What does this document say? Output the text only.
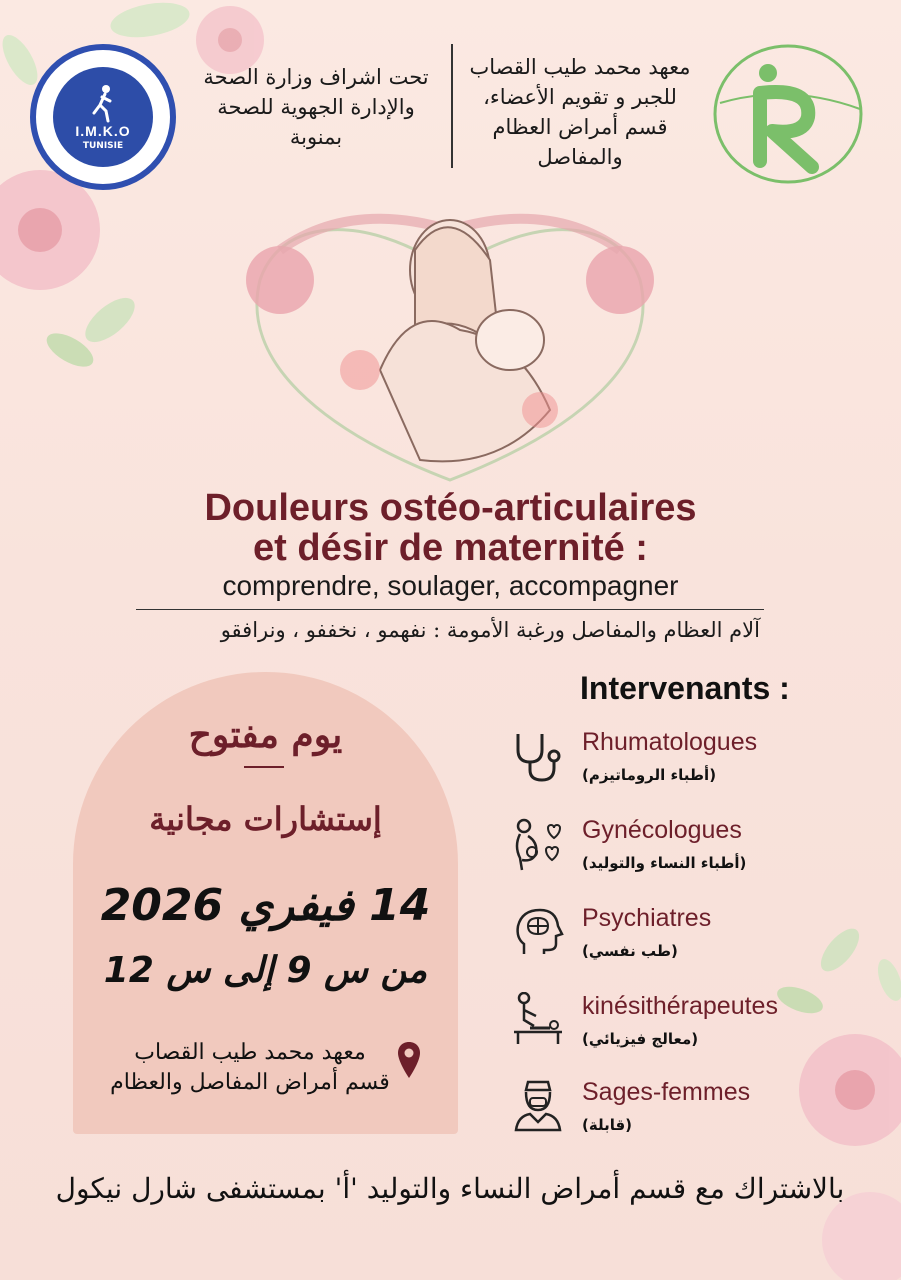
I.M.K.O
TUNISIE
تحت اشراف وزارة الصحة
والإدارة الجهوية للصحة
بمنوبة
معهد محمد طيب القصاب
للجبر و تقويم الأعضاء،
قسم أمراض العظام
والمفاصل
Douleurs ostéo-articulaires
et désir de maternité :
comprendre, soulager, accompagner
آلام العظام والمفاصل ورغبة الأمومة : نفهمو ، نخففو ، ونرافقو
يوم مفتوح
إستشارات مجانية
14 فيفري 2026
من س 9 إلى س 12
معهد محمد طيب القصاب
قسم أمراض المفاصل والعظام
Intervenants :
Rhumatologues
(أطباء الروماتيزم)
Gynécologues
(أطباء النساء والتوليد)
Psychiatres
(طب نفسي)
kinésithérapeutes
(معالج فيزيائي)
Sages-femmes
(قابلة)
بالاشتراك مع قسم أمراض النساء والتوليد 'أ' بمستشفى شارل نيكول
